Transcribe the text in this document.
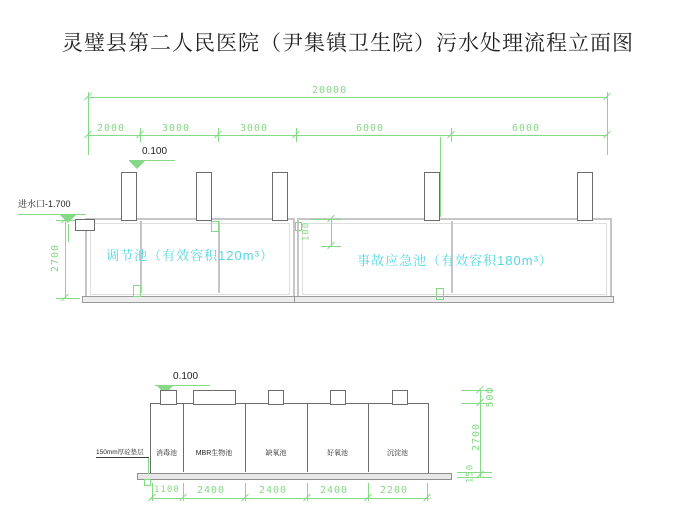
灵璧县第二人民医院（尹集镇卫生院）污水处理流程立面图
20000
2000	3000	3000	6000	6000
0.100
进水口-1.700
2700
100
调节池（有效容积120m³）	事故应急池（有效容积180m³）
0.100
消毒池	MBR生物池	缺氧池	好氧池	沉淀池
150mm厚砼垫层
1100 2400	2400	2400	2200
500
2700
150
